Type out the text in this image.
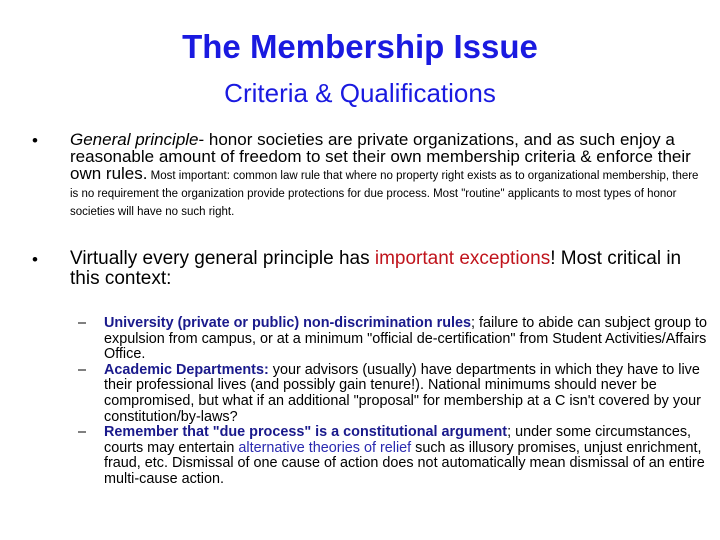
The Membership Issue
Criteria & Qualifications
• General principle- honor societies are private organizations, and as such enjoy a reasonable amount of freedom to set their own membership criteria & enforce their own rules. Most important: common law rule that where no property right exists as to organizational membership, there is no requirement the organization provide protections for due process. Most "routine" applicants to most types of honor societies will have no such right.
• Virtually every general principle has important exceptions! Most critical in this context:
– University (private or public) non-discrimination rules; failure to abide can subject group to expulsion from campus, or at a minimum "official de-certification" from Student Activities/Affairs Office.
– Academic Departments: your advisors (usually) have departments in which they have to live their professional lives (and possibly gain tenure!). National minimums should never be compromised, but what if an additional "proposal" for membership at a C isn't covered by your constitution/by-laws?
– Remember that "due process" is a constitutional argument; under some circumstances, courts may entertain alternative theories of relief such as illusory promises, unjust enrichment, fraud, etc. Dismissal of one cause of action does not automatically mean dismissal of an entire multi-cause action.
